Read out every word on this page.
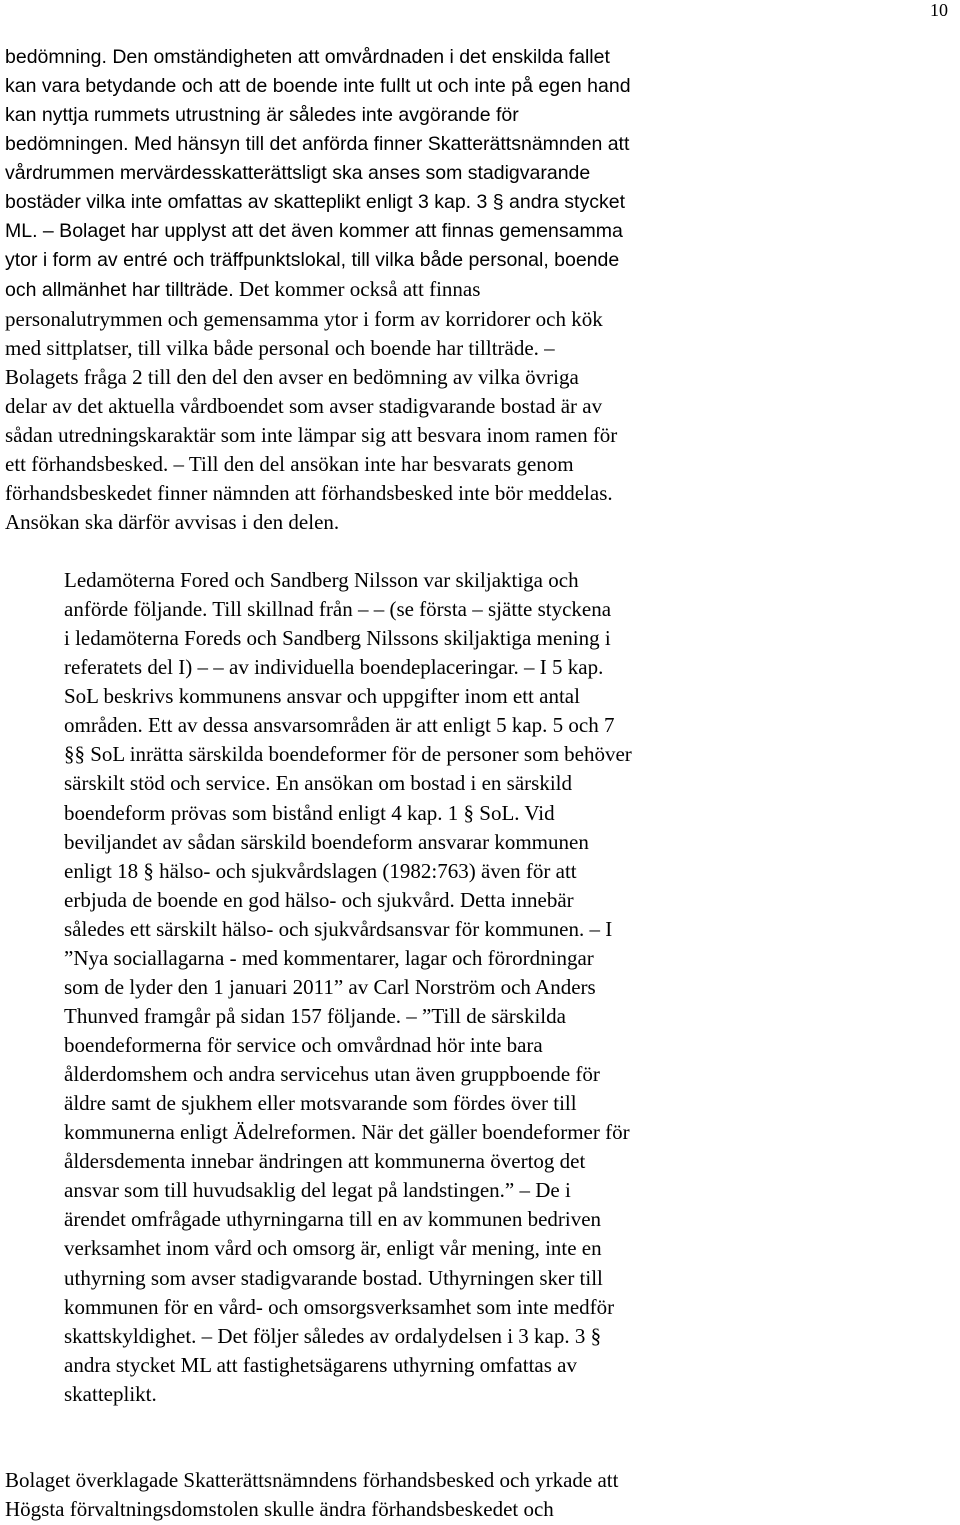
10
bedömning. Den omständigheten att omvårdnaden i det enskilda fallet
kan vara betydande och att de boende inte fullt ut och inte på egen hand
kan nyttja rummets utrustning är således inte avgörande för
bedömningen. Med hänsyn till det anförda finner Skatterättsnämnden att
vårdrummen mervärdesskatterättsligt ska anses som stadigvarande
bostäder vilka inte omfattas av skatteplikt enligt 3 kap. 3 § andra stycket
ML. – Bolaget har upplyst att det även kommer att finnas gemensamma
ytor i form av entré och träffpunktslokal, till vilka både personal, boende
och allmänhet har tillträde. Det kommer också att finnas
personalutrymmen och gemensamma ytor i form av korridorer och kök
med sittplatser, till vilka både personal och boende har tillträde. –
Bolagets fråga 2 till den del den avser en bedömning av vilka övriga
delar av det aktuella vårdboendet som avser stadigvarande bostad är av
sådan utredningskaraktär som inte lämpar sig att besvara inom ramen för
ett förhandsbesked. – Till den del ansökan inte har besvarats genom
förhandsbeskedet finner nämnden att förhandsbesked inte bör meddelas.
Ansökan ska därför avvisas i den delen.
Ledamöterna Fored och Sandberg Nilsson var skiljaktiga och
anförde följande. Till skillnad från – – (se första – sjätte styckena
i ledamöterna Foreds och Sandberg Nilssons skiljaktiga mening i
referatets del I) – – av individuella boendeplaceringar. – I 5 kap.
SoL beskrivs kommunens ansvar och uppgifter inom ett antal
områden. Ett av dessa ansvarsområden är att enligt 5 kap. 5 och 7
§§ SoL inrätta särskilda boendeformer för de personer som behöver
särskilt stöd och service. En ansökan om bostad i en särskild
boendeform prövas som bistånd enligt 4 kap. 1 § SoL. Vid
beviljandet av sådan särskild boendeform ansvarar kommunen
enligt 18 § hälso- och sjukvårdslagen (1982:763) även för att
erbjuda de boende en god hälso- och sjukvård. Detta innebär
således ett särskilt hälso- och sjukvårdsansvar för kommunen. – I
”Nya sociallagarna - med kommentarer, lagar och förordningar
som de lyder den 1 januari 2011” av Carl Norström och Anders
Thunved framgår på sidan 157 följande. – ”Till de särskilda
boendeformerna för service och omvårdnad hör inte bara
ålderdomshem och andra servicehus utan även gruppboende för
äldre samt de sjukhem eller motsvarande som fördes över till
kommunerna enligt Ädelreformen. När det gäller boendeformer för
åldersdementa innebar ändringen att kommunerna övertog det
ansvar som till huvudsaklig del legat på landstingen.” – De i
ärendet omfrågade uthyrningarna till en av kommunen bedriven
verksamhet inom vård och omsorg är, enligt vår mening, inte en
uthyrning som avser stadigvarande bostad. Uthyrningen sker till
kommunen för en vård- och omsorgsverksamhet som inte medför
skattskyldighet. – Det följer således av ordalydelsen i 3 kap. 3 §
andra stycket ML att fastighetsägarens uthyrning omfattas av
skatteplikt.
Bolaget överklagade Skatterättsnämndens förhandsbesked och yrkade att
Högsta förvaltningsdomstolen skulle ändra förhandsbeskedet och
